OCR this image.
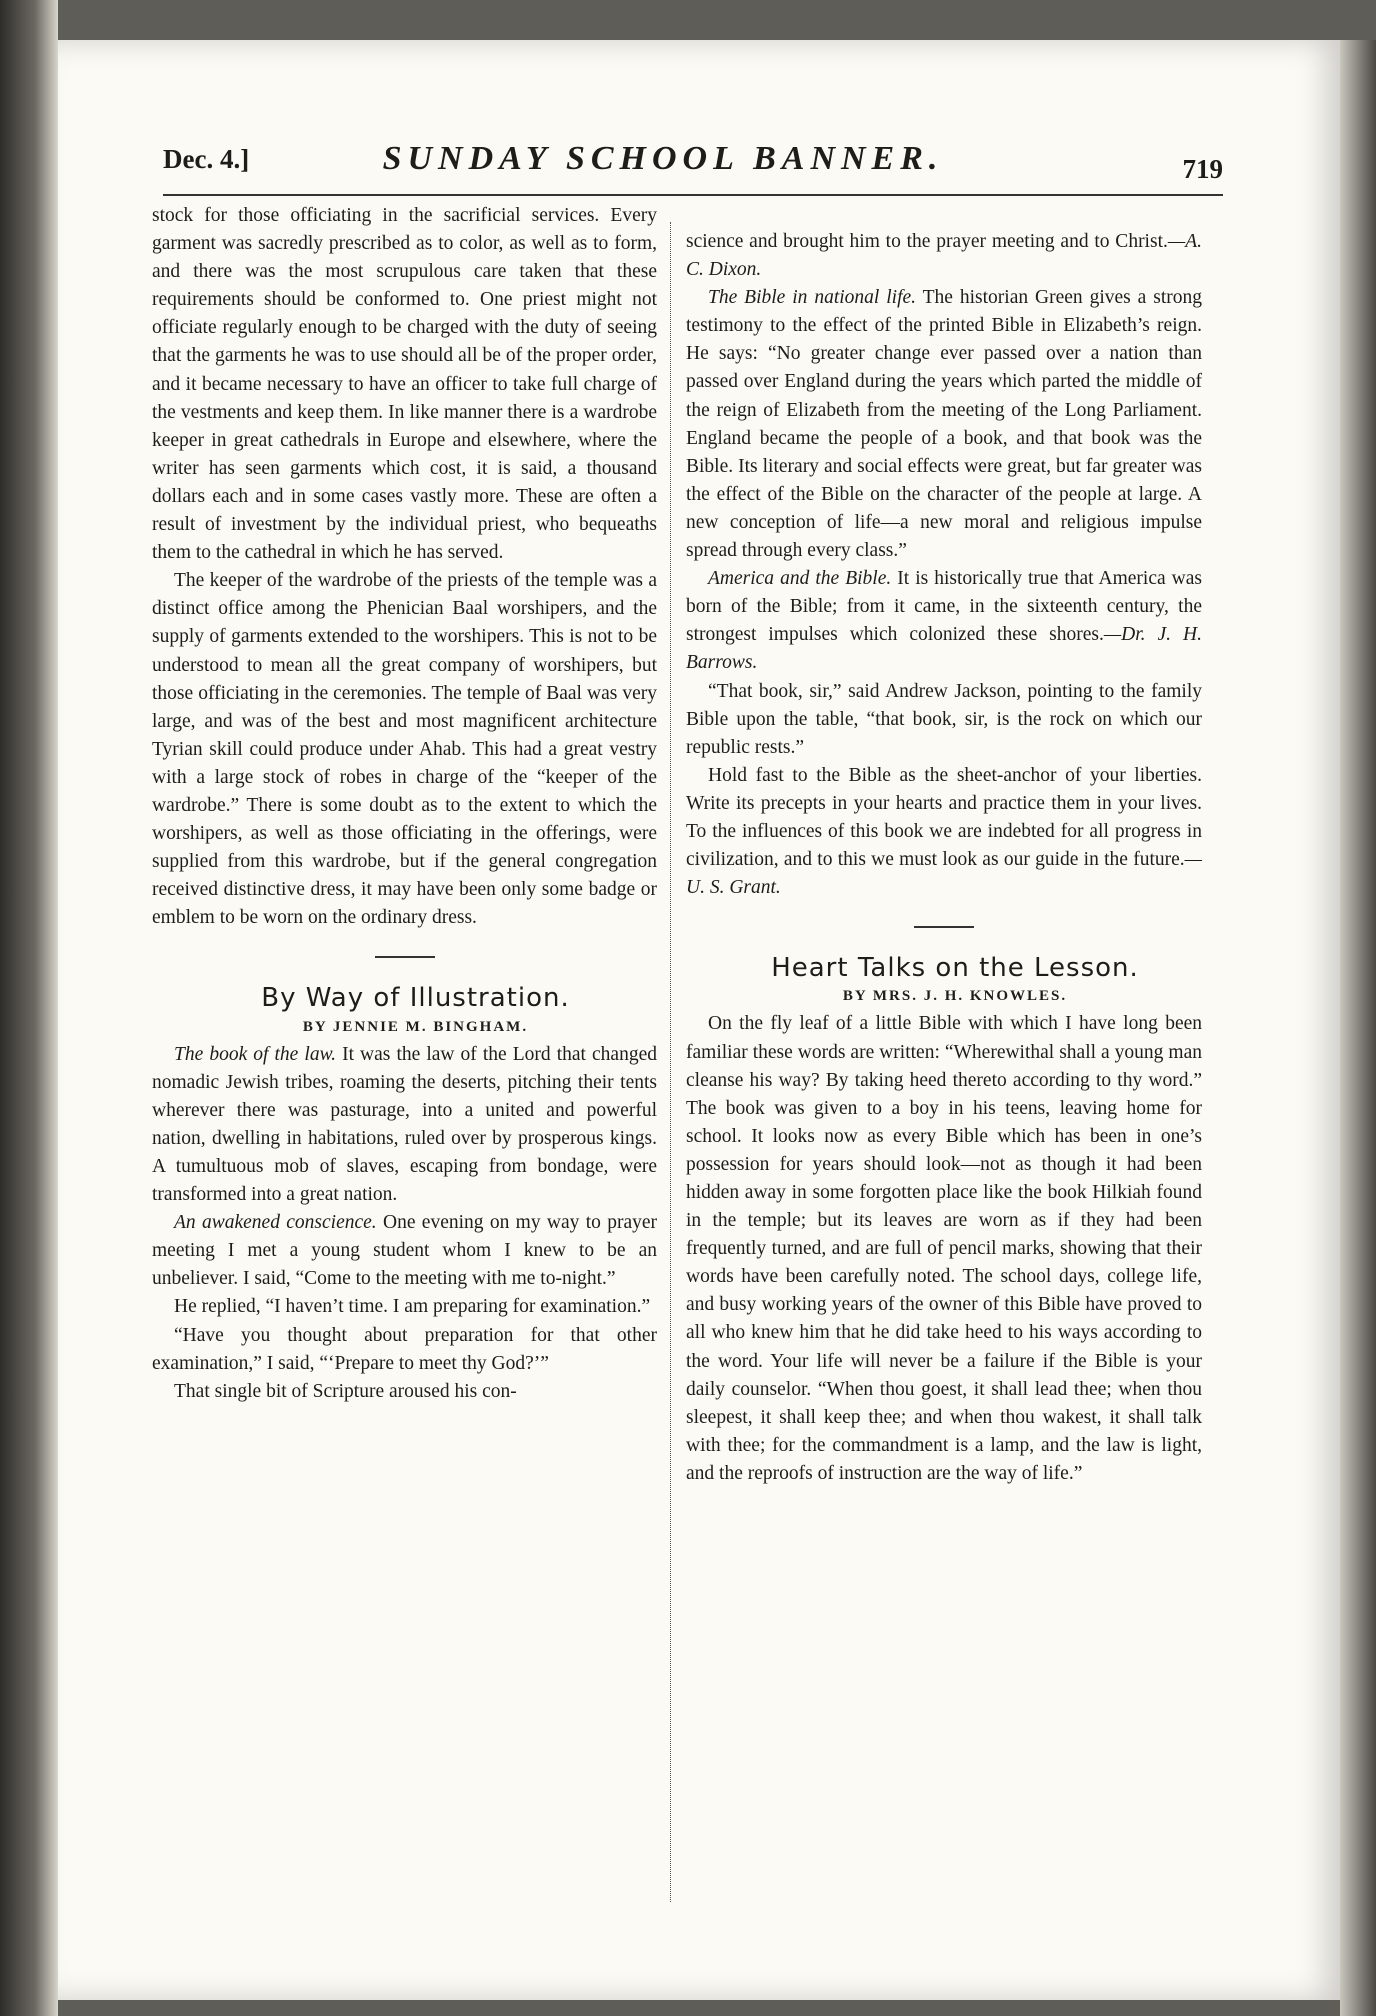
Dec. 4.]	SUNDAY SCHOOL BANNER.	719

stock for those officiating in the sacrificial services. Every garment was sacredly prescribed as to color, as well as to form, and there was the most scrupulous care taken that these requirements should be conformed to. One priest might not officiate regularly enough to be charged with the duty of seeing that the garments he was to use should all be of the proper order, and it became necessary to have an officer to take full charge of the vestments and keep them. In like manner there is a wardrobe keeper in great cathedrals in Europe and elsewhere, where the writer has seen garments which cost, it is said, a thousand dollars each and in some cases vastly more. These are often a result of investment by the individual priest, who bequeaths them to the cathedral in which he has served.

The keeper of the wardrobe of the priests of the temple was a distinct office among the Phenician Baal worshipers, and the supply of garments extended to the worshipers. This is not to be understood to mean all the great company of worshipers, but those officiating in the ceremonies. The temple of Baal was very large, and was of the best and most magnificent architecture Tyrian skill could produce under Ahab. This had a great vestry with a large stock of robes in charge of the “keeper of the wardrobe.” There is some doubt as to the extent to which the worshipers, as well as those officiating in the offerings, were supplied from this wardrobe, but if the general congregation received distinctive dress, it may have been only some badge or emblem to be worn on the ordinary dress.

By Way of Illustration.

BY JENNIE M. BINGHAM.

The book of the law. It was the law of the Lord that changed nomadic Jewish tribes, roaming the deserts, pitching their tents wherever there was pasturage, into a united and powerful nation, dwelling in habitations, ruled over by prosperous kings. A tumultuous mob of slaves, escaping from bondage, were transformed into a great nation.

An awakened conscience. One evening on my way to prayer meeting I met a young student whom I knew to be an unbeliever. I said, “Come to the meeting with me to-night.”

He replied, “I haven’t time. I am preparing for examination.”

“Have you thought about preparation for that other examination,” I said, “‘Prepare to meet thy God?’”

That single bit of Scripture aroused his con-

science and brought him to the prayer meeting and to Christ.—A. C. Dixon.

The Bible in national life. The historian Green gives a strong testimony to the effect of the printed Bible in Elizabeth’s reign. He says: “No greater change ever passed over a nation than passed over England during the years which parted the middle of the reign of Elizabeth from the meeting of the Long Parliament. England became the people of a book, and that book was the Bible. Its literary and social effects were great, but far greater was the effect of the Bible on the character of the people at large. A new conception of life—a new moral and religious impulse spread through every class.”

America and the Bible. It is historically true that America was born of the Bible; from it came, in the sixteenth century, the strongest impulses which colonized these shores.—Dr. J. H. Barrows.

“That book, sir,” said Andrew Jackson, pointing to the family Bible upon the table, “that book, sir, is the rock on which our republic rests.”

Hold fast to the Bible as the sheet-anchor of your liberties. Write its precepts in your hearts and practice them in your lives. To the influences of this book we are indebted for all progress in civilization, and to this we must look as our guide in the future.—U. S. Grant.

Heart Talks on the Lesson.

BY MRS. J. H. KNOWLES.

On the fly leaf of a little Bible with which I have long been familiar these words are written: “Wherewithal shall a young man cleanse his way? By taking heed thereto according to thy word.” The book was given to a boy in his teens, leaving home for school. It looks now as every Bible which has been in one’s possession for years should look—not as though it had been hidden away in some forgotten place like the book Hilkiah found in the temple; but its leaves are worn as if they had been frequently turned, and are full of pencil marks, showing that their words have been carefully noted. The school days, college life, and busy working years of the owner of this Bible have proved to all who knew him that he did take heed to his ways according to the word. Your life will never be a failure if the Bible is your daily counselor. “When thou goest, it shall lead thee; when thou sleepest, it shall keep thee; and when thou wakest, it shall talk with thee; for the commandment is a lamp, and the law is light, and the reproofs of instruction are the way of life.”
